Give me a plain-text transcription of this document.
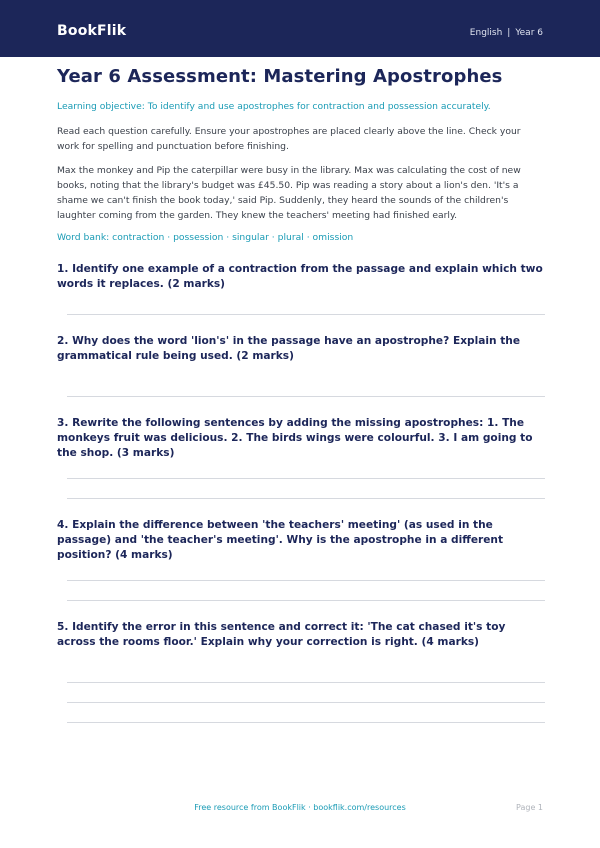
BookFlik	English | Year 6
Year 6 Assessment: Mastering Apostrophes

Learning objective: To identify and use apostrophes for contraction and possession accurately.

Read each question carefully. Ensure your apostrophes are placed clearly above the line. Check your work for spelling and punctuation before finishing.

Max the monkey and Pip the caterpillar were busy in the library. Max was calculating the cost of new books, noting that the library's budget was £45.50. Pip was reading a story about a lion's den. 'It's a shame we can't finish the book today,' said Pip. Suddenly, they heard the sounds of the children's laughter coming from the garden. They knew the teachers' meeting had finished early.

Word bank: contraction · possession · singular · plural · omission

1. Identify one example of a contraction from the passage and explain which two words it replaces. (2 marks)
2. Why does the word 'lion's' in the passage have an apostrophe? Explain the grammatical rule being used. (2 marks)
3. Rewrite the following sentences by adding the missing apostrophes: 1. The monkeys fruit was delicious. 2. The birds wings were colourful. 3. I am going to the shop. (3 marks)
4. Explain the difference between 'the teachers' meeting' (as used in the passage) and 'the teacher's meeting'. Why is the apostrophe in a different position? (4 marks)
5. Identify the error in this sentence and correct it: 'The cat chased it's toy across the rooms floor.' Explain why your correction is right. (4 marks)
Free resource from BookFlik · bookflik.com/resources	Page 1
